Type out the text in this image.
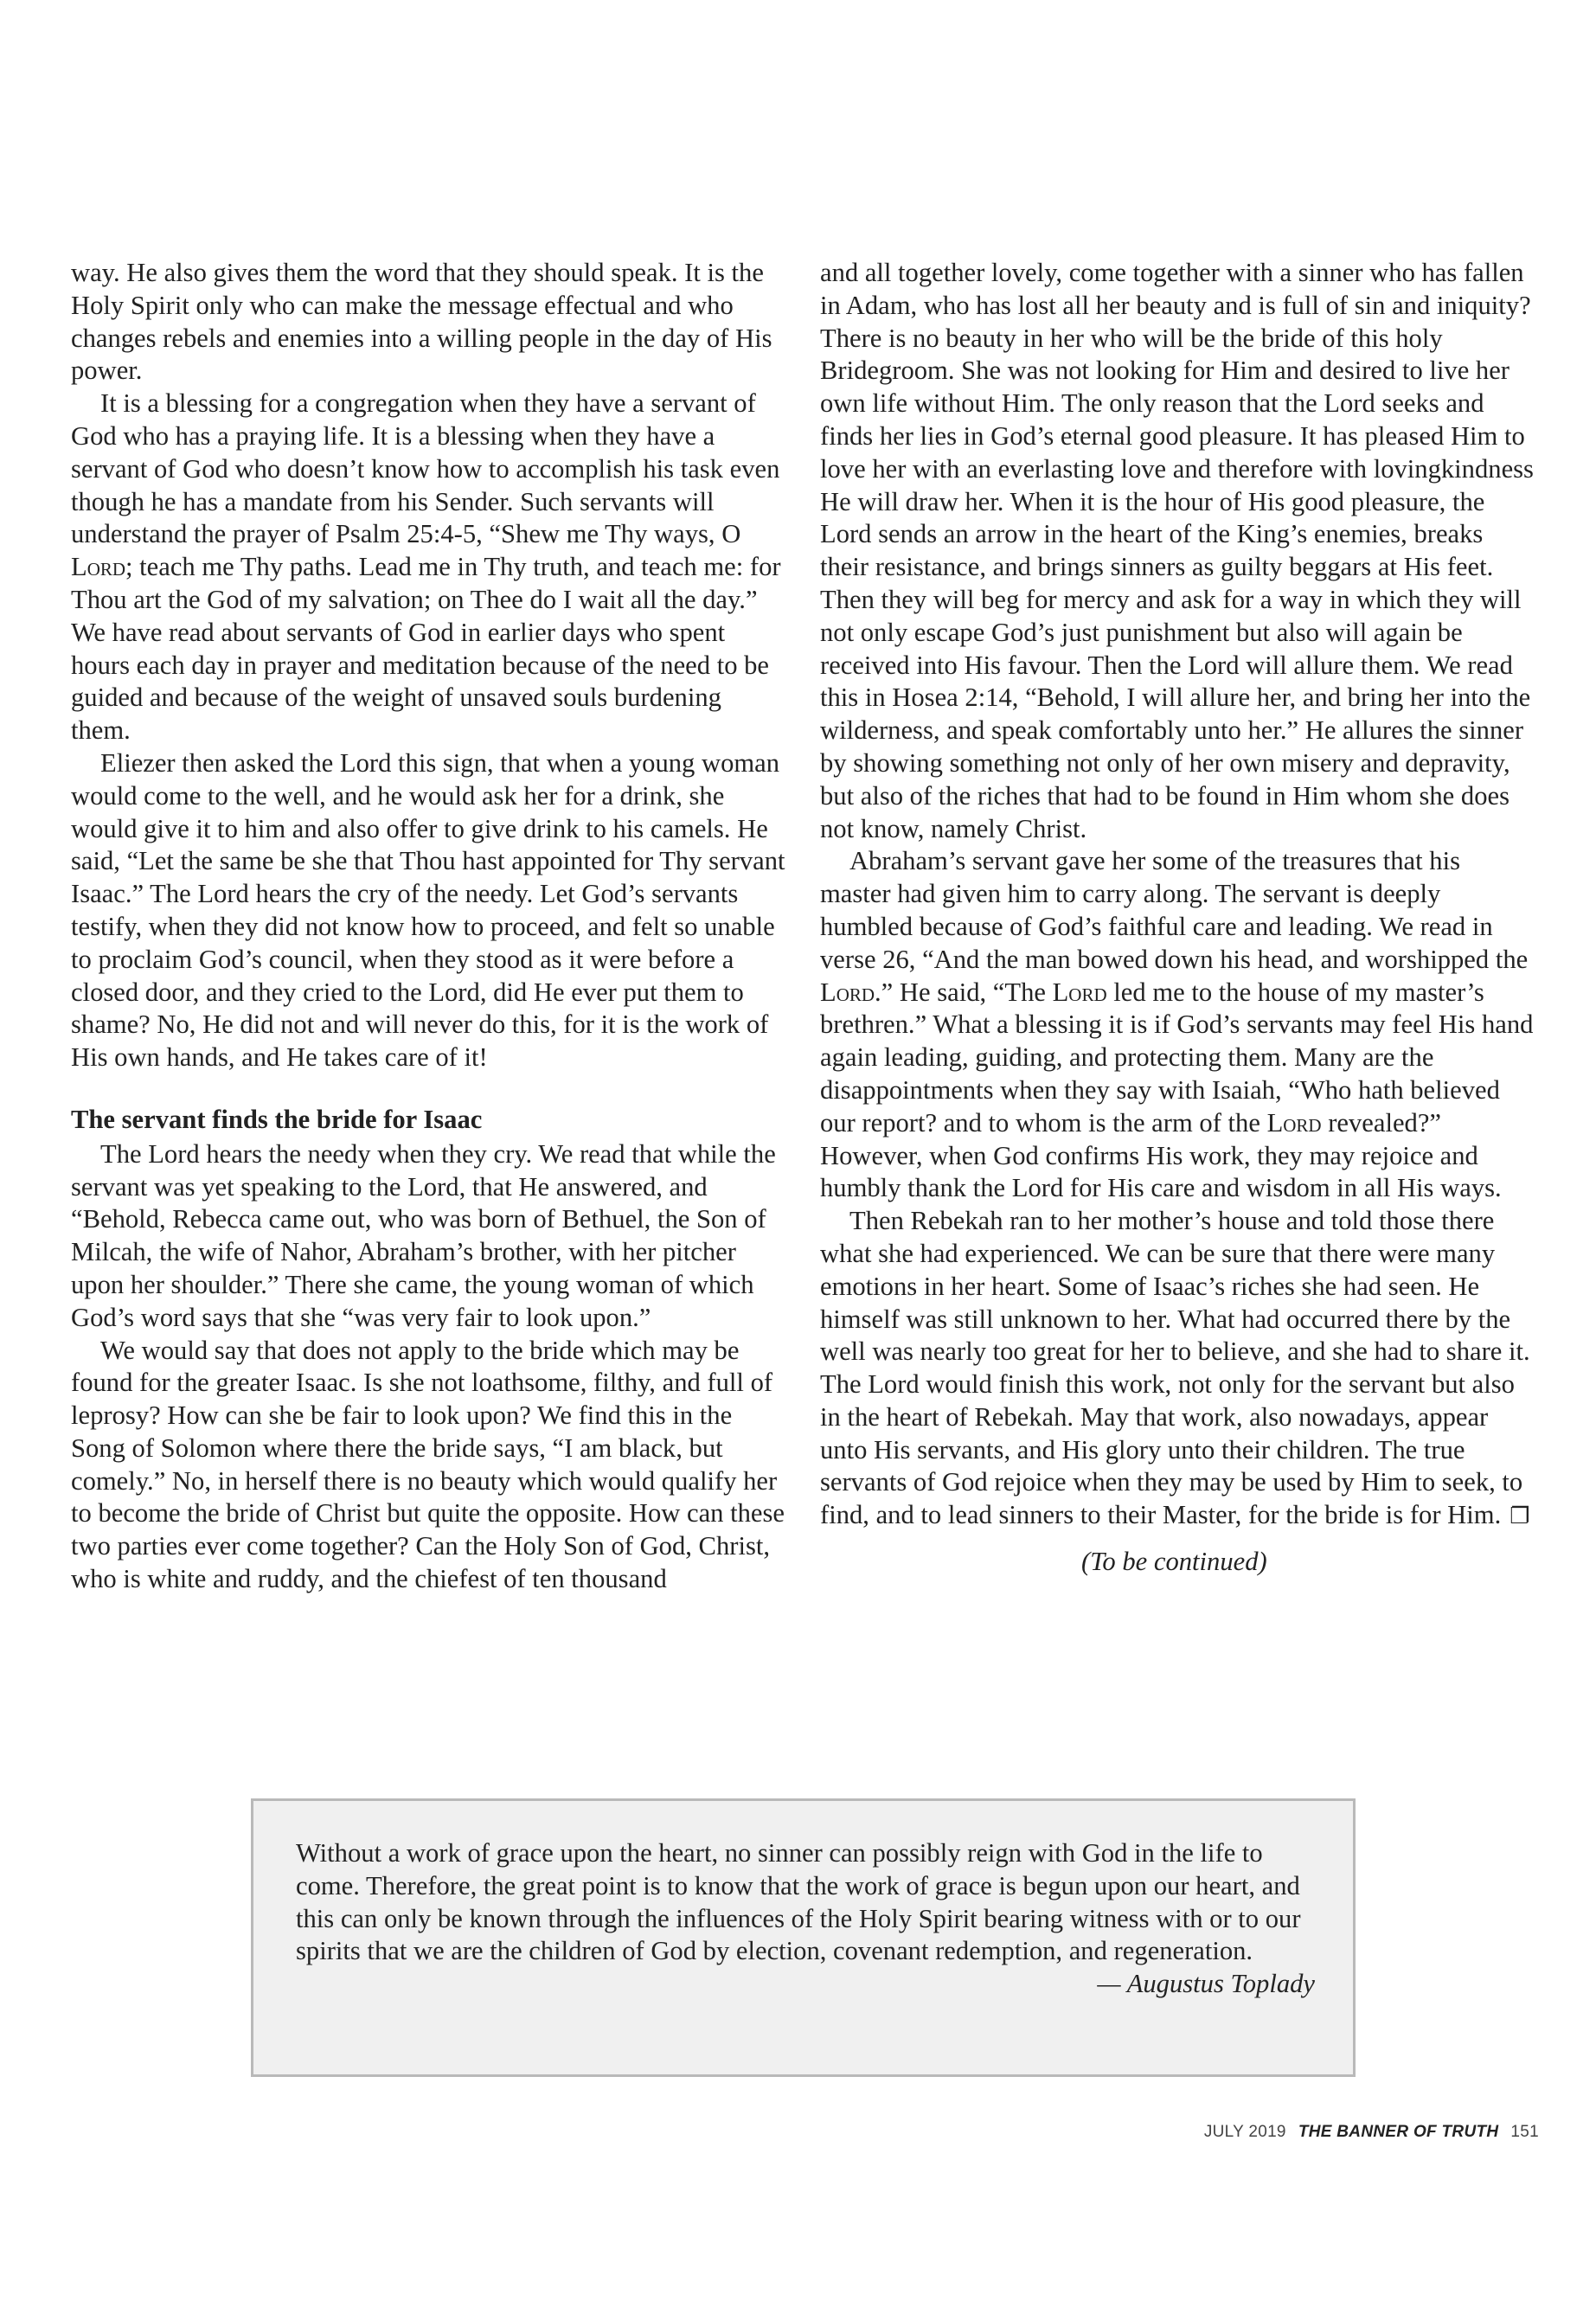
way. He also gives them the word that they should speak. It is the Holy Spirit only who can make the message effectual and who changes rebels and enemies into a willing people in the day of His power.

It is a blessing for a congregation when they have a servant of God who has a praying life. It is a blessing when they have a servant of God who doesn’t know how to accomplish his task even though he has a mandate from his Sender. Such servants will understand the prayer of Psalm 25:4-5, “Shew me Thy ways, O Lord; teach me Thy paths. Lead me in Thy truth, and teach me: for Thou art the God of my salvation; on Thee do I wait all the day.” We have read about servants of God in earlier days who spent hours each day in prayer and meditation because of the need to be guided and because of the weight of unsaved souls burdening them.

Eliezer then asked the Lord this sign, that when a young woman would come to the well, and he would ask her for a drink, she would give it to him and also offer to give drink to his camels. He said, “Let the same be she that Thou hast appointed for Thy servant Isaac.” The Lord hears the cry of the needy. Let God’s servants testify, when they did not know how to proceed, and felt so unable to proclaim God’s council, when they stood as it were before a closed door, and they cried to the Lord, did He ever put them to shame? No, He did not and will never do this, for it is the work of His own hands, and He takes care of it!

The servant finds the bride for Isaac

The Lord hears the needy when they cry. We read that while the servant was yet speaking to the Lord, that He answered, and “Behold, Rebecca came out, who was born of Bethuel, the Son of Milcah, the wife of Nahor, Abraham’s brother, with her pitcher upon her shoulder.” There she came, the young woman of which God’s word says that she “was very fair to look upon.”

We would say that does not apply to the bride which may be found for the greater Isaac. Is she not loathsome, filthy, and full of leprosy? How can she be fair to look upon? We find this in the Song of Solomon where there the bride says, “I am black, but comely.” No, in herself there is no beauty which would qualify her to become the bride of Christ but quite the opposite. How can these two parties ever come together? Can the Holy Son of God, Christ, who is white and ruddy, and the chiefest of ten thousand

and all together lovely, come together with a sinner who has fallen in Adam, who has lost all her beauty and is full of sin and iniquity? There is no beauty in her who will be the bride of this holy Bridegroom. She was not looking for Him and desired to live her own life without Him. The only reason that the Lord seeks and finds her lies in God’s eternal good pleasure. It has pleased Him to love her with an everlasting love and therefore with lovingkindness He will draw her. When it is the hour of His good pleasure, the Lord sends an arrow in the heart of the King’s enemies, breaks their resistance, and brings sinners as guilty beggars at His feet. Then they will beg for mercy and ask for a way in which they will not only escape God’s just punishment but also will again be received into His favour. Then the Lord will allure them. We read this in Hosea 2:14, “Behold, I will allure her, and bring her into the wilderness, and speak comfortably unto her.” He allures the sinner by showing something not only of her own misery and depravity, but also of the riches that had to be found in Him whom she does not know, namely Christ.

Abraham’s servant gave her some of the treasures that his master had given him to carry along. The servant is deeply humbled because of God’s faithful care and leading. We read in verse 26, “And the man bowed down his head, and worshipped the Lord.” He said, “The Lord led me to the house of my master’s brethren.” What a blessing it is if God’s servants may feel His hand again leading, guiding, and protecting them. Many are the disappointments when they say with Isaiah, “Who hath believed our report? and to whom is the arm of the Lord revealed?” However, when God confirms His work, they may rejoice and humbly thank the Lord for His care and wisdom in all His ways.

Then Rebekah ran to her mother’s house and told those there what she had experienced. We can be sure that there were many emotions in her heart. Some of Isaac’s riches she had seen. He himself was still unknown to her. What had occurred there by the well was nearly too great for her to believe, and she had to share it. The Lord would finish this work, not only for the servant but also in the heart of Rebekah. May that work, also nowadays, appear unto His servants, and His glory unto their children. The true servants of God rejoice when they may be used by Him to seek, to find, and to lead sinners to their Master, for the bride is for Him. ❐

(To be continued)

Without a work of grace upon the heart, no sinner can possibly reign with God in the life to come. Therefore, the great point is to know that the work of grace is begun upon our heart, and this can only be known through the influences of the Holy Spirit bearing witness with or to our spirits that we are the children of God by election, covenant redemption, and regeneration.

— Augustus Toplady

JULY 2019 THE BANNER OF TRUTH 151
